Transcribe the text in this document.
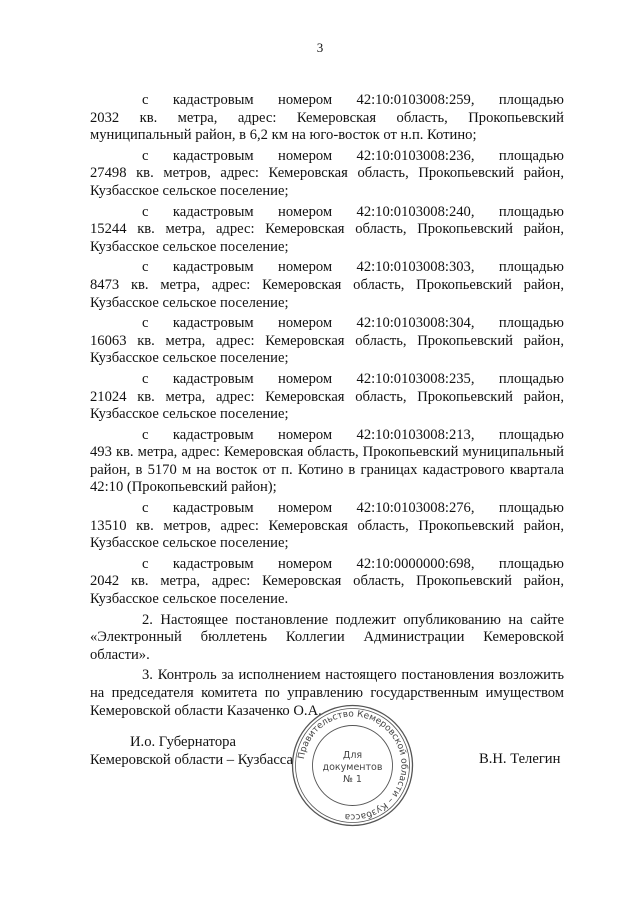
3
с кадастровым номером 42:10:0103008:259, площадью
2032 кв. метра, адрес: Кемеровская область, Прокопьевский муниципальный район, в 6,2 км на юго-восток от н.п. Котино;
с кадастровым номером 42:10:0103008:236, площадью
27498 кв. метров, адрес: Кемеровская область, Прокопьевский район, Кузбасское сельское поселение;
с кадастровым номером 42:10:0103008:240, площадью
15244 кв. метра, адрес: Кемеровская область, Прокопьевский район, Кузбасское сельское поселение;
с кадастровым номером 42:10:0103008:303, площадью
8473 кв. метра, адрес: Кемеровская область, Прокопьевский район, Кузбасское сельское поселение;
с кадастровым номером 42:10:0103008:304, площадью
16063 кв. метра, адрес: Кемеровская область, Прокопьевский район, Кузбасское сельское поселение;
с кадастровым номером 42:10:0103008:235, площадью
21024 кв. метра, адрес: Кемеровская область, Прокопьевский район, Кузбасское сельское поселение;
с кадастровым номером 42:10:0103008:213, площадью
493 кв. метра, адрес: Кемеровская область, Прокопьевский муниципальный район, в 5170 м на восток от п. Котино в границах кадастрового квартала 42:10 (Прокопьевский район);
с кадастровым номером 42:10:0103008:276, площадью
13510 кв. метров, адрес: Кемеровская область, Прокопьевский район, Кузбасское сельское поселение;
с кадастровым номером 42:10:0000000:698, площадью
2042 кв. метра, адрес: Кемеровская область, Прокопьевский район, Кузбасское сельское поселение.

2. Настоящее постановление подлежит опубликованию на сайте «Электронный бюллетень Коллегии Администрации Кемеровской области».

3. Контроль за исполнением настоящего постановления возложить на председателя комитета по управлению государственным имуществом Кемеровской области Казаченко О.А.

И.о. Губернатора
Кемеровской области – Кузбасса	В.Н. Телегин
Правительство Кемеровской области – Кузбасса
Для
документов
№ 1
